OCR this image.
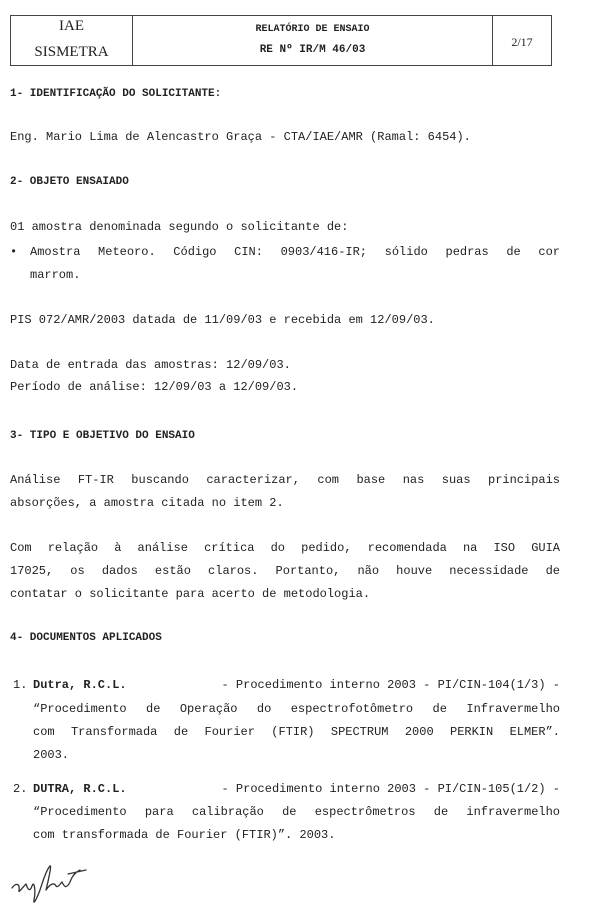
IAE
SISMETRA
RELATÓRIO DE ENSAIO
RE Nº IR/M 46/03
2/17
1- IDENTIFICAÇÃO DO SOLICITANTE:
Eng. Mario Lima de Alencastro Graça - CTA/IAE/AMR (Ramal: 6454).
2- OBJETO ENSAIADO
01 amostra denominada segundo o solicitante de:
• Amostra Meteoro. Código CIN: 0903/416-IR; sólido pedras de cor
marrom.
PIS 072/AMR/2003 datada de 11/09/03 e recebida em 12/09/03.
Data de entrada das amostras: 12/09/03.
Período de análise: 12/09/03 a 12/09/03.
3- TIPO E OBJETIVO DO ENSAIO
Análise FT-IR buscando caracterizar, com base nas suas principais
absorções, a amostra citada no item 2.
Com relação à análise crítica do pedido, recomendada na ISO GUIA
17025, os dados estão claros. Portanto, não houve necessidade de
contatar o solicitante para acerto de metodologia.
4- DOCUMENTOS APLICADOS
1. Dutra, R.C.L.	- Procedimento interno 2003 - PI/CIN-104(1/3) -
“Procedimento de Operação do espectrofotômetro de Infravermelho
com Transformada de Fourier (FTIR) SPECTRUM 2000 PERKIN ELMER”.
2003.
2. DUTRA, R.C.L.	- Procedimento interno 2003 - PI/CIN-105(1/2) -
“Procedimento para calibração de espectrômetros de infravermelho
com transformada de Fourier (FTIR)”. 2003.
